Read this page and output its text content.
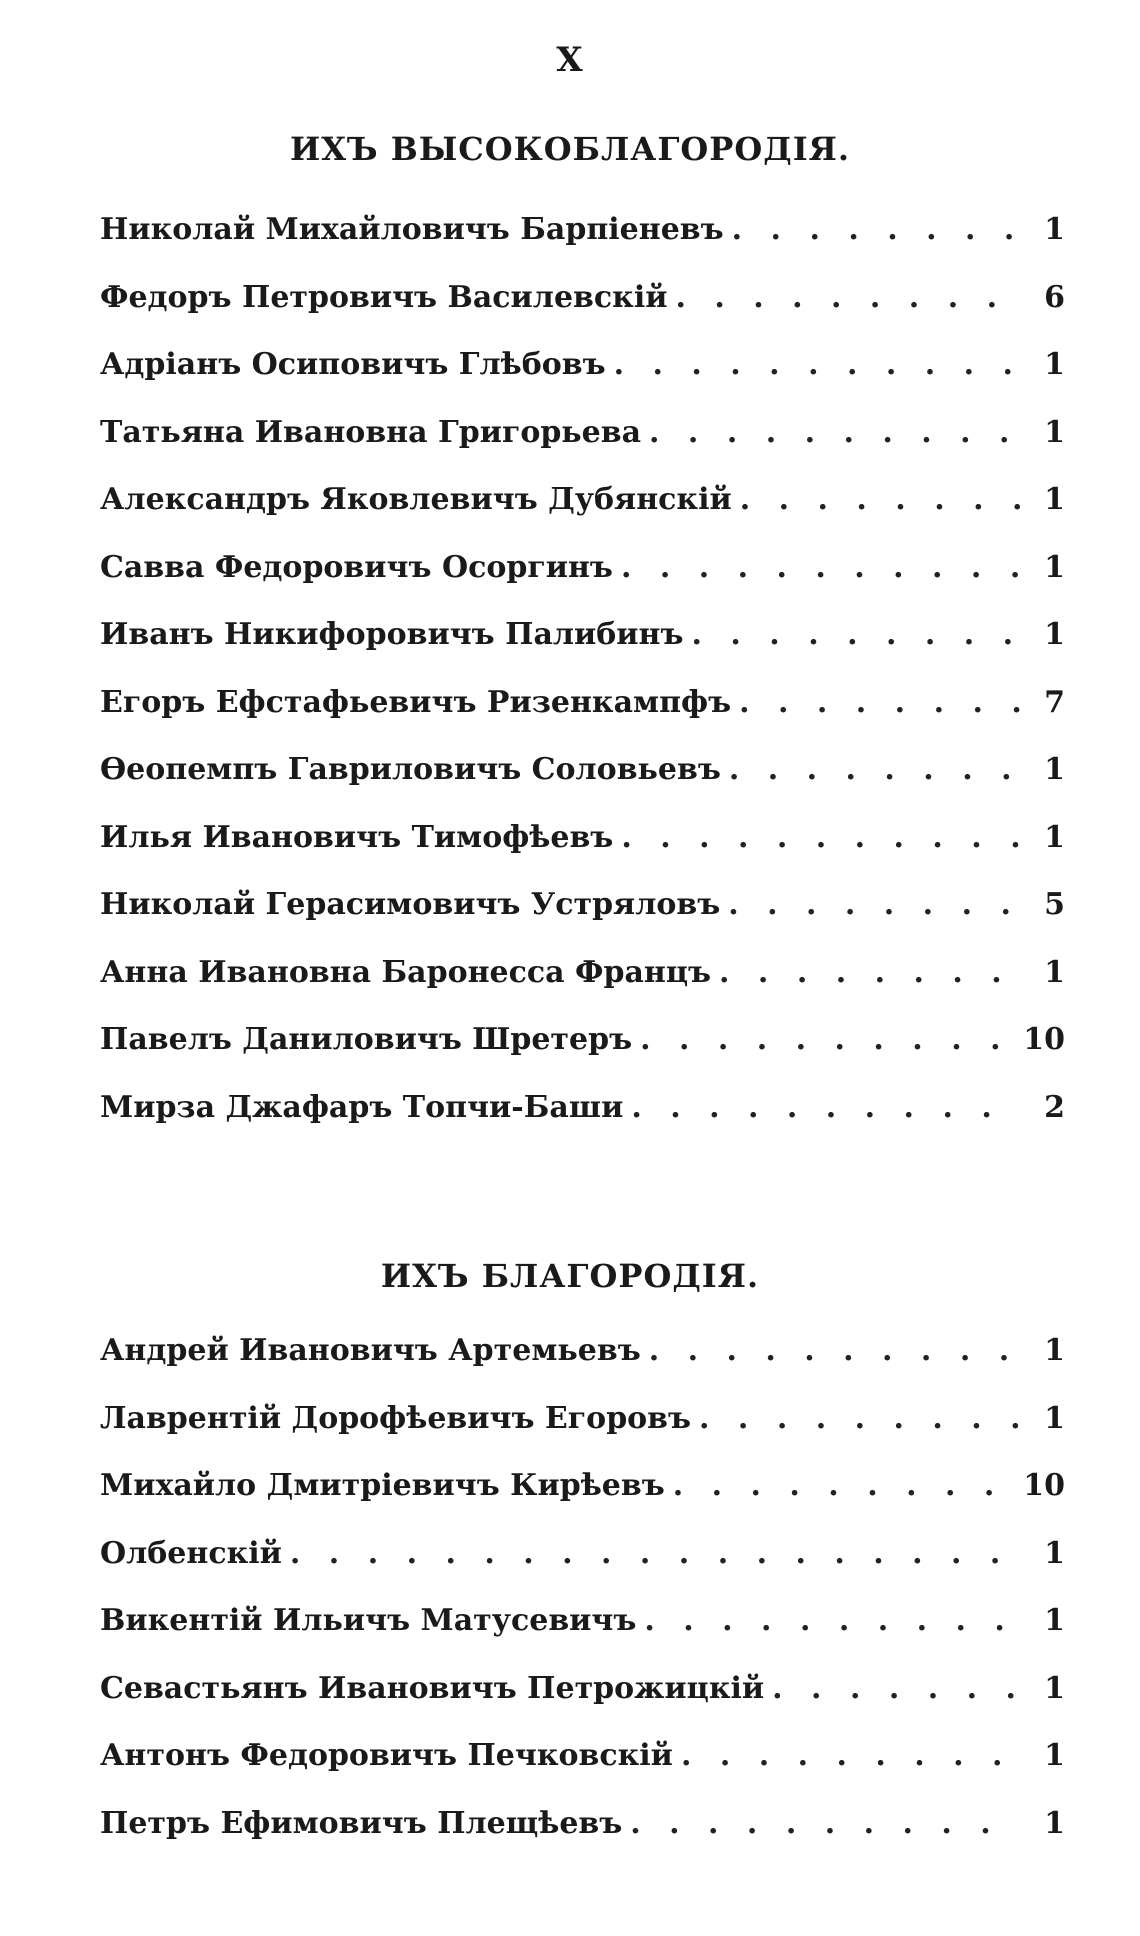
X
ИХЪ ВЫСОКОБЛАГОРОДІЯ.
Николай Михайловичъ Барпіеневъ . . .	1
Федоръ Петровичъ Василевскій . . .	6
Адріанъ Осиповичъ Глѣбовъ . . .	1
Татьяна Ивановна Григорьева . . .	1
Александръ Яковлевичъ Дубянскій . . .	1
Савва Федоровичъ Осоргинъ . . .	1
Иванъ Никифоровичъ Палибинъ . . .	1
Егоръ Ефстафьевичъ Ризенкампфъ . . .	7
Ѳеопемпъ Гавриловичъ Соловьевъ . . .	1
Илья Ивановичъ Тимофѣевъ . . .	1
Николай Герасимовичъ Устряловъ . . .	5
Анна Ивановна Баронесса Францъ . . .	1
Павелъ Даниловичъ Шретеръ . . .	10
Мирза Джафаръ Топчи-Баши . . .	2
ИХЪ БЛАГОРОДІЯ.
Андрей Ивановичъ Артемьевъ . . .	1
Лаврентій Дорофѣевичъ Егоровъ . . .	1
Михайло Дмитріевичъ Кирѣевъ . . .	10
Олбенскій . . .	1
Викентій Ильичъ Матусевичъ . . .	1
Севастьянъ Ивановичъ Петрожицкій . . .	1
Антонъ Федоровичъ Печковскій . . .	1
Петръ Ефимовичъ Плещѣевъ . . .	1
